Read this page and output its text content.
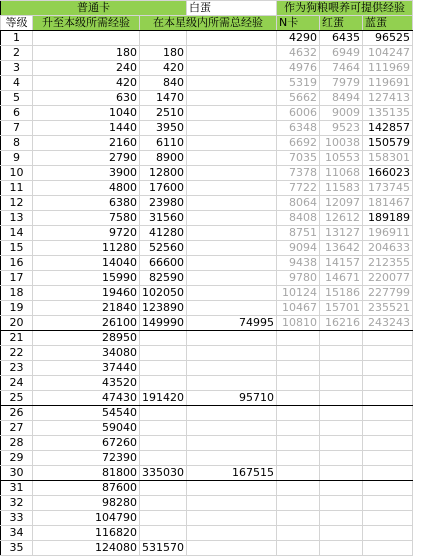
普通卡			白蛋	作为狗粮喂养可提供经验		
等级	升至本级所需经验	在本星级内所需总经验		N卡	红蛋	蓝蛋
1				4290	6435	96525
2	180	180		4632	6949	104247
3	240	420		4976	7464	111969
4	420	840		5319	7979	119691
5	630	1470		5662	8494	127413
6	1040	2510		6006	9009	135135
7	1440	3950		6348	9523	142857
8	2160	6110		6692	10038	150579
9	2790	8900		7035	10553	158301
10	3900	12800		7378	11068	166023
11	4800	17600		7722	11583	173745
12	6380	23980		8064	12097	181467
13	7580	31560		8408	12612	189189
14	9720	41280		8751	13127	196911
15	11280	52560		9094	13642	204633
16	14040	66600		9438	14157	212355
17	15990	82590		9780	14671	220077
18	19460	102050		10124	15186	227799
19	21840	123890		10467	15701	235521
20	26100	149990	74995	10810	16216	243243
21	28950					
22	34080					
23	37440					
24	43520					
25	47430	191420	95710			
26	54540					
27	59040					
28	67260					
29	72390					
30	81800	335030	167515			
31	87600					
32	98280					
33	104790					
34	116820					
35	124080	531570				
